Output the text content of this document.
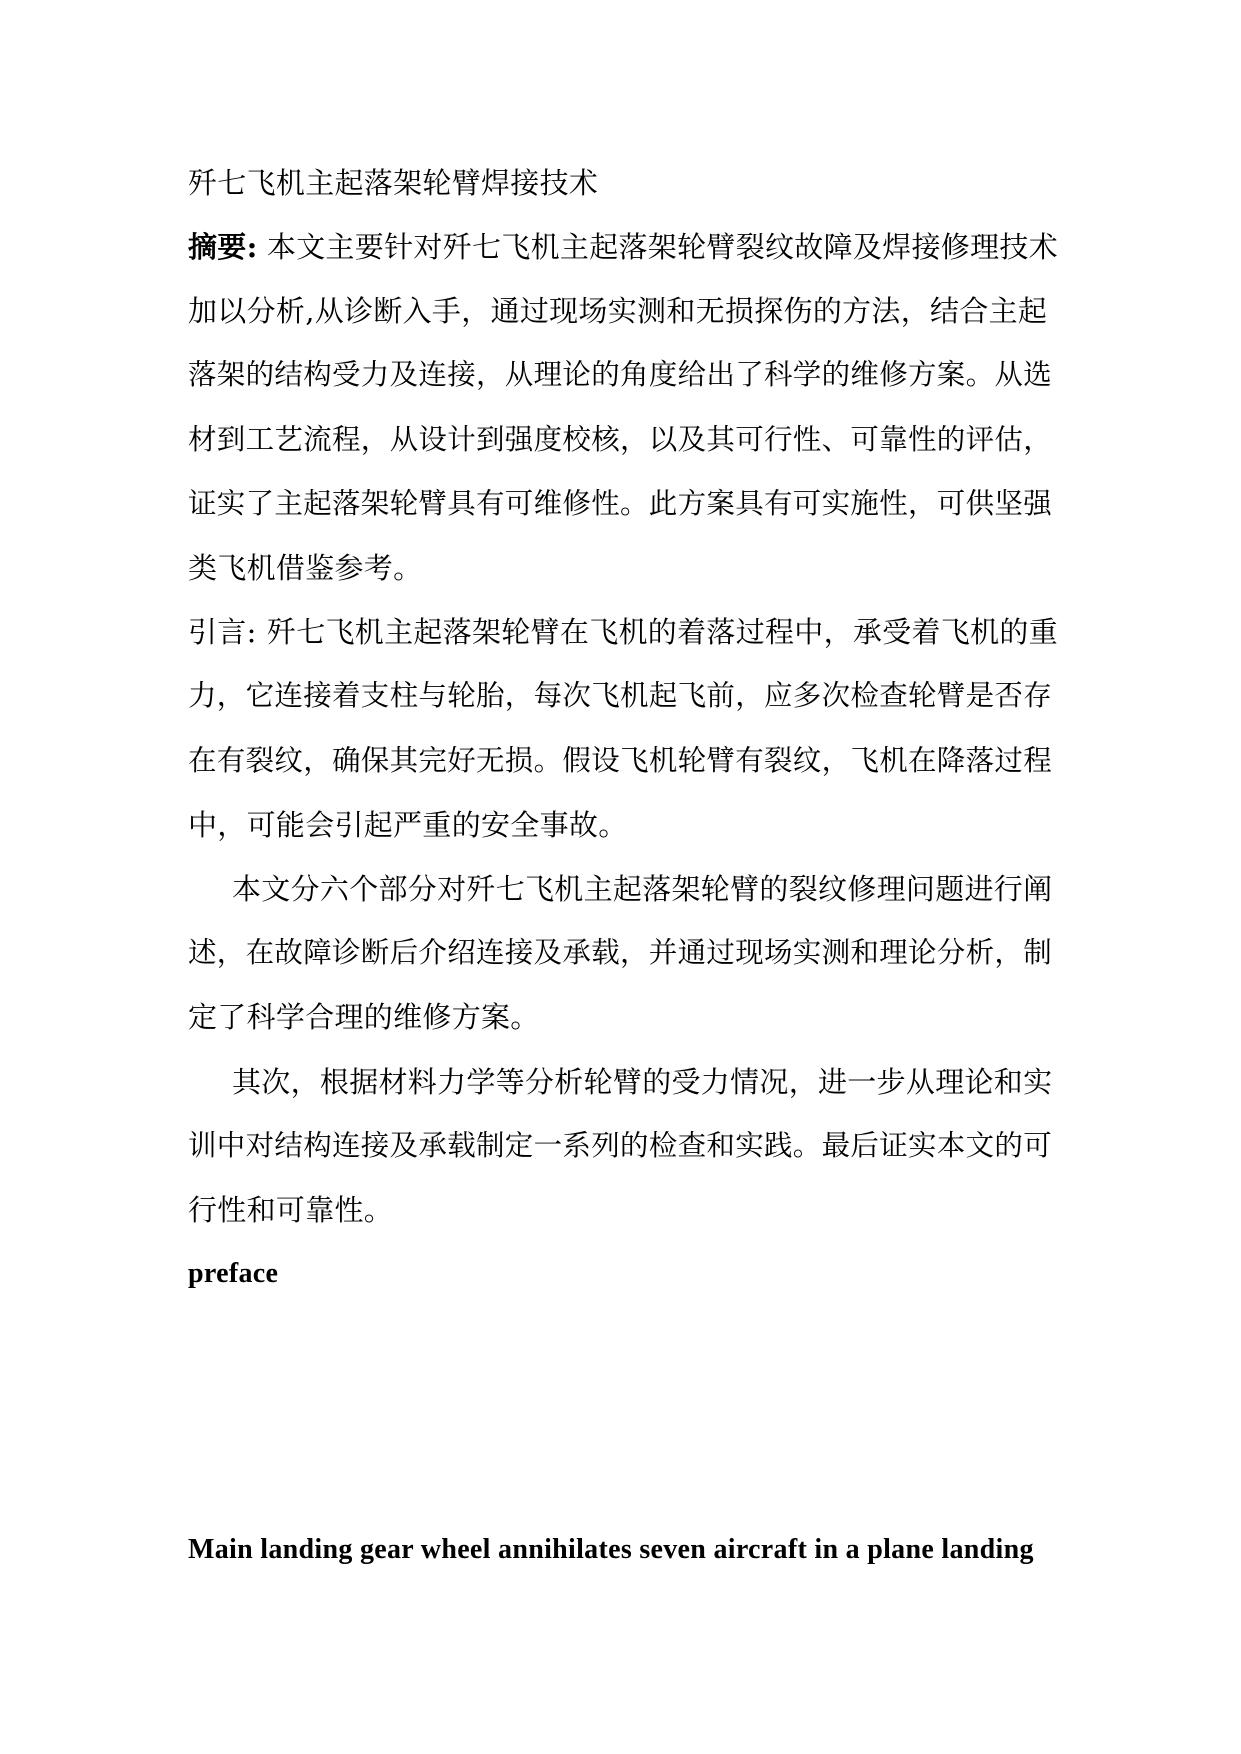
歼七飞机主起落架轮臂焊接技术
摘要: 本文主要针对歼七飞机主起落架轮臂裂纹故障及焊接修理技术
加以分析,从诊断入手，通过现场实测和无损探伤的方法，结合主起
落架的结构受力及连接，从理论的角度给出了科学的维修方案。从选
材到工艺流程，从设计到强度校核，以及其可行性、可靠性的评估，
证实了主起落架轮臂具有可维修性。此方案具有可实施性，可供坚强
类飞机借鉴参考。
引言: 歼七飞机主起落架轮臂在飞机的着落过程中，承受着飞机的重
力，它连接着支柱与轮胎，每次飞机起飞前，应多次检查轮臂是否存
在有裂纹，确保其完好无损。假设飞机轮臂有裂纹，飞机在降落过程
中，可能会引起严重的安全事故。
本文分六个部分对歼七飞机主起落架轮臂的裂纹修理问题进行阐
述，在故障诊断后介绍连接及承载，并通过现场实测和理论分析，制
定了科学合理的维修方案。
其次，根据材料力学等分析轮臂的受力情况，进一步从理论和实
训中对结构连接及承载制定一系列的检查和实践。最后证实本文的可
行性和可靠性。
preface
Main landing gear wheel annihilates seven aircraft in a plane landing
